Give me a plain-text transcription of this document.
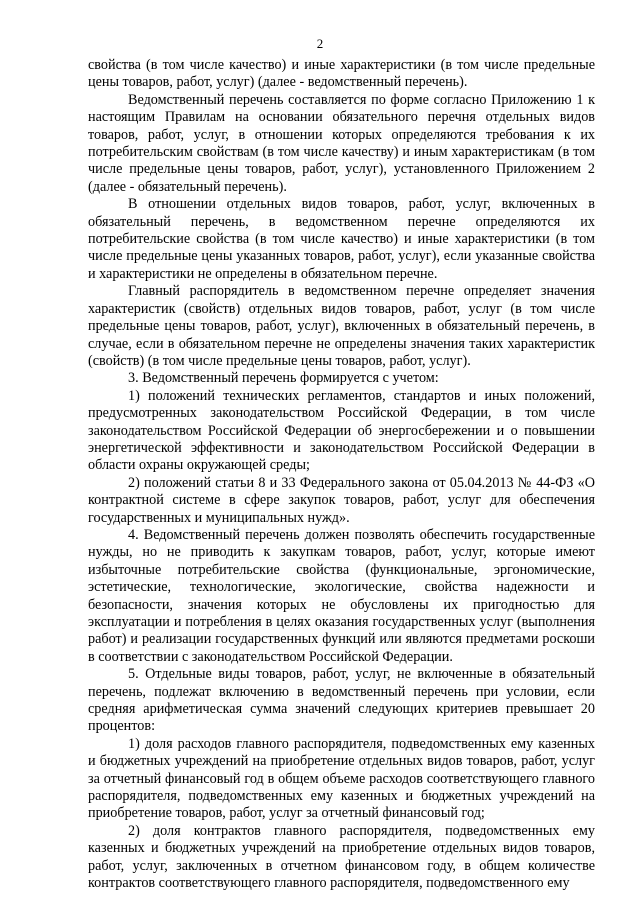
2

свойства (в том числе качество) и иные характеристики (в том числе предельные цены товаров, работ, услуг) (далее - ведомственный перечень).

Ведомственный перечень составляется по форме согласно Приложению 1 к настоящим Правилам на основании обязательного перечня отдельных видов товаров, работ, услуг, в отношении которых определяются требования к их потребительским свойствам (в том числе качеству) и иным характеристикам (в том числе предельные цены товаров, работ, услуг), установленного Приложением 2 (далее - обязательный перечень).

В отношении отдельных видов товаров, работ, услуг, включенных в обязательный перечень, в ведомственном перечне определяются их потребительские свойства (в том числе качество) и иные характеристики (в том числе предельные цены указанных товаров, работ, услуг), если указанные свойства и характеристики не определены в обязательном перечне.

Главный распорядитель в ведомственном перечне определяет значения характеристик (свойств) отдельных видов товаров, работ, услуг (в том числе предельные цены товаров, работ, услуг), включенных в обязательный перечень, в случае, если в обязательном перечне не определены значения таких характеристик (свойств) (в том числе предельные цены товаров, работ, услуг).

3. Ведомственный перечень формируется с учетом:

1) положений технических регламентов, стандартов и иных положений, предусмотренных законодательством Российской Федерации, в том числе законодательством Российской Федерации об энергосбережении и о повышении энергетической эффективности и законодательством Российской Федерации в области охраны окружающей среды;

2) положений статьи 8 и 33 Федерального закона от 05.04.2013 № 44-ФЗ «О контрактной системе в сфере закупок товаров, работ, услуг для обеспечения государственных и муниципальных нужд».

4. Ведомственный перечень должен позволять обеспечить государственные нужды, но не приводить к закупкам товаров, работ, услуг, которые имеют избыточные потребительские свойства (функциональные, эргономические, эстетические, технологические, экологические, свойства надежности и безопасности, значения которых не обусловлены их пригодностью для эксплуатации и потребления в целях оказания государственных услуг (выполнения работ) и реализации государственных функций или являются предметами роскоши в соответствии с законодательством Российской Федерации.

5. Отдельные виды товаров, работ, услуг, не включенные в обязательный перечень, подлежат включению в ведомственный перечень при условии, если средняя арифметическая сумма значений следующих критериев превышает 20 процентов:

1) доля расходов главного распорядителя, подведомственных ему казенных и бюджетных учреждений на приобретение отдельных видов товаров, работ, услуг за отчетный финансовый год в общем объеме расходов соответствующего главного распорядителя, подведомственных ему казенных и бюджетных учреждений на приобретение товаров, работ, услуг за отчетный финансовый год;

2) доля контрактов главного распорядителя, подведомственных ему казенных и бюджетных учреждений на приобретение отдельных видов товаров, работ, услуг, заключенных в отчетном финансовом году, в общем количестве контрактов соответствующего главного распорядителя, подведомственного ему
